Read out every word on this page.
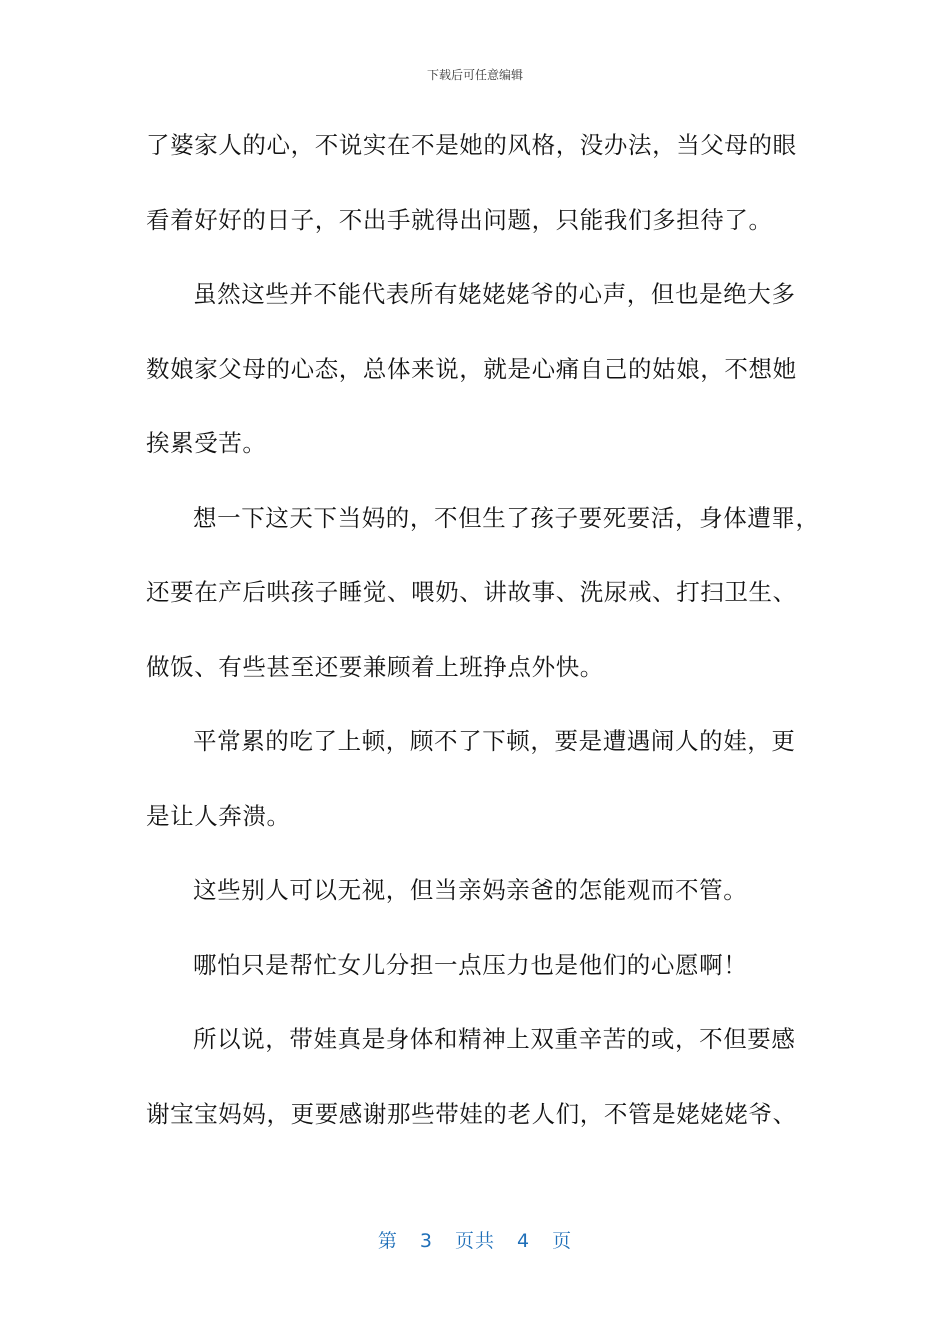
下载后可任意编辑
了婆家人的心，不说实在不是她的风格，没办法，当父母的眼
看着好好的日子，不出手就得出问题，只能我们多担待了。
虽然这些并不能代表所有姥姥姥爷的心声，但也是绝大多
数娘家父母的心态，总体来说，就是心痛自己的姑娘，不想她
挨累受苦。
想一下这天下当妈的，不但生了孩子要死要活，身体遭罪，
还要在产后哄孩子睡觉、喂奶、讲故事、洗尿戒、打扫卫生、
做饭、有些甚至还要兼顾着上班挣点外快。
平常累的吃了上顿，顾不了下顿，要是遭遇闹人的娃，更
是让人奔溃。
这些别人可以无视，但当亲妈亲爸的怎能观而不管。
哪怕只是帮忙女儿分担一点压力也是他们的心愿啊！
所以说，带娃真是身体和精神上双重辛苦的或，不但要感
谢宝宝妈妈，更要感谢那些带娃的老人们，不管是姥姥姥爷、
第 3 页共 4 页
